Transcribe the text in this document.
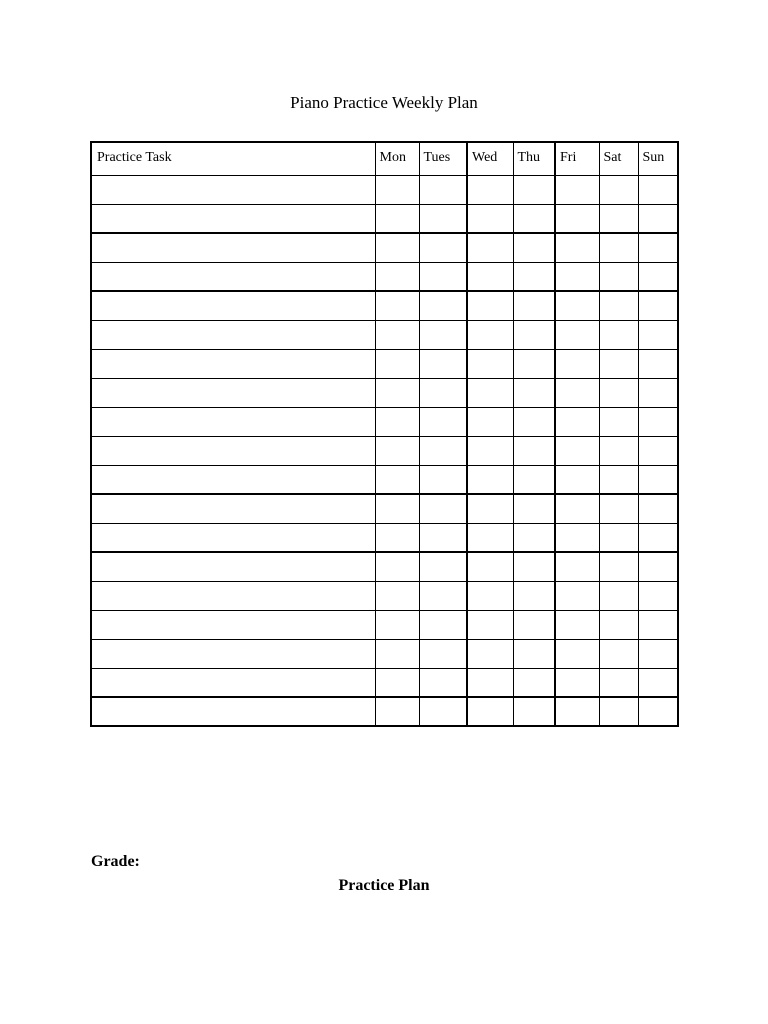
Piano Practice Weekly Plan
Practice Task	Mon	Tues	Wed	Thu	Fri	Sat	Sun

Grade:
Practice Plan
